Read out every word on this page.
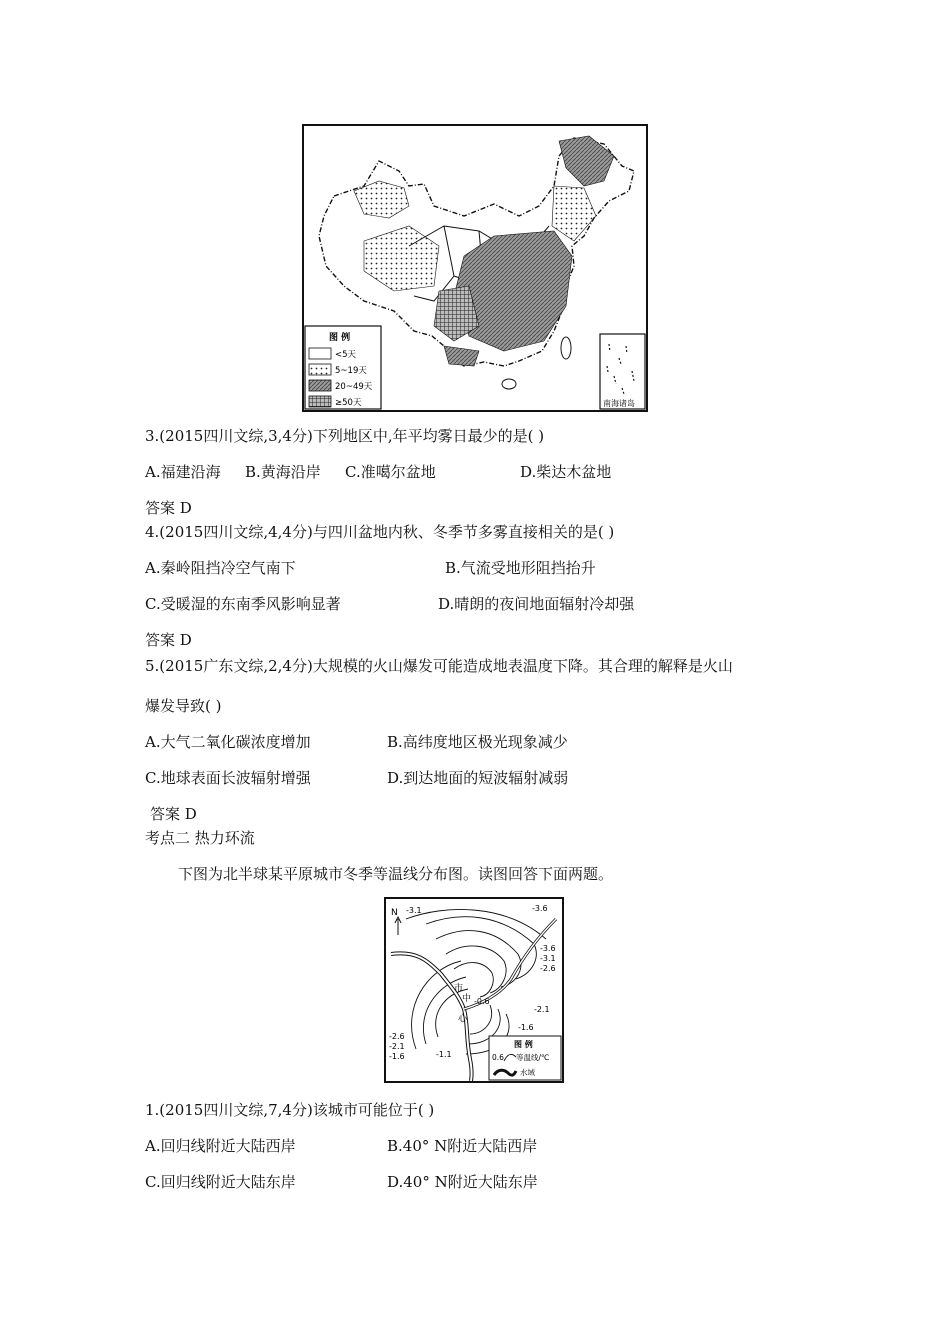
图 例
<5天
5~19天
20~49天
≥50天	南海诸岛
3.(2015四川文综,3,4分)下列地区中,年平均雾日最少的是( )
A.福建沿海 B.黄海沿岸 C.准噶尔盆地	D.柴达木盆地
答案 D
4.(2015四川文综,4,4分)与四川盆地内秋、冬季节多雾直接相关的是( )
A.秦岭阻挡冷空气南下	B.气流受地形阻挡抬升
C.受暖湿的东南季风影响显著	D.晴朗的夜间地面辐射冷却强
答案 D
5.(2015广东文综,2,4分)大规模的火山爆发可能造成地表温度下降。其合理的解释是火山
爆发导致( )
A.大气二氧化碳浓度增加	B.高纬度地区极光现象减少
C.地球表面长波辐射增强	D.到达地面的短波辐射减弱
答案 D
考点二 热力环流
下图为北半球某平原城市冬季等温线分布图。读图回答下面两题。
N
市
中
心
-3.1	-3.6
-3.6
-3.1
-2.6
-2.1
-1.6
-0.6
-1.1
-2.6
-2.1
-1.6
图 例
0.6 等温线/℃
水域
1.(2015四川文综,7,4分)该城市可能位于( )
A.回归线附近大陆西岸	B.40° N附近大陆西岸
C.回归线附近大陆东岸	D.40° N附近大陆东岸
